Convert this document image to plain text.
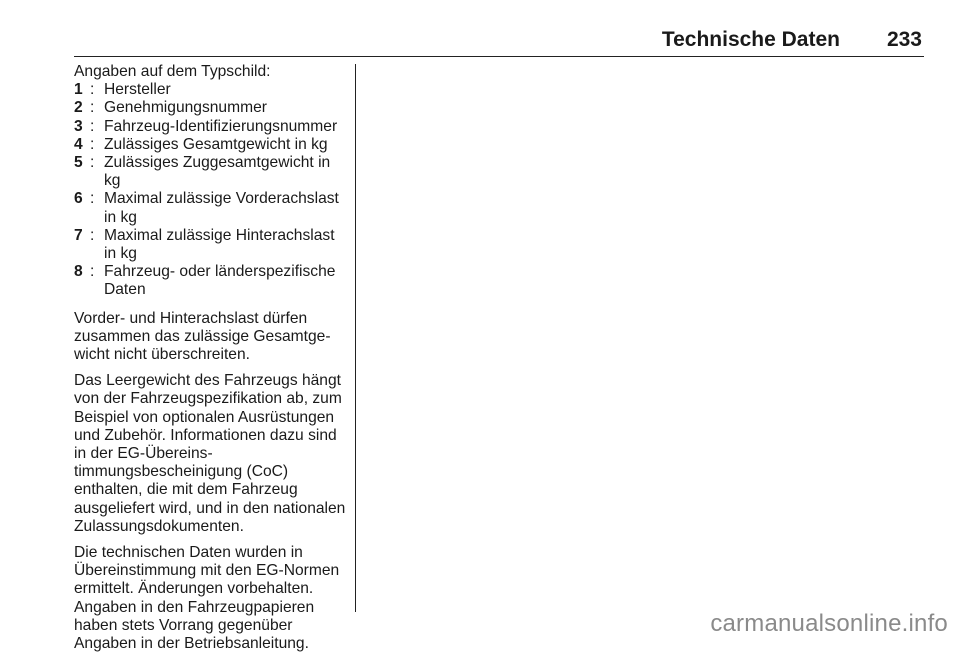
Technische Daten 233

Angaben auf dem Typschild:

1 : Hersteller
2 : Genehmigungsnummer
3 : Fahrzeug-Identifizierungsnummer
4 : Zulässiges Gesamtgewicht in kg
5 : Zulässiges Zuggesamtgewicht in kg
6 : Maximal zulässige Vorderachslast in kg
7 : Maximal zulässige Hinterachslast in kg
8 : Fahrzeug- oder länderspezifische Daten

Vorder- und Hinterachslast dürfen zusammen das zulässige Gesamtgewicht nicht überschreiten.

Das Leergewicht des Fahrzeugs hängt von der Fahrzeugspezifikation ab, zum Beispiel von optionalen Ausrüstungen und Zubehör. Informationen dazu sind in der EG-Übereinstimmungsbescheinigung (CoC) enthalten, die mit dem Fahrzeug ausgeliefert wird, und in den nationalen Zulassungsdokumenten.

Die technischen Daten wurden in Übereinstimmung mit den EG-Normen ermittelt. Änderungen vorbehalten. Angaben in den Fahrzeugpapieren haben stets Vorrang gegenüber Angaben in der Betriebsanleitung.

carmanualsonline.info
